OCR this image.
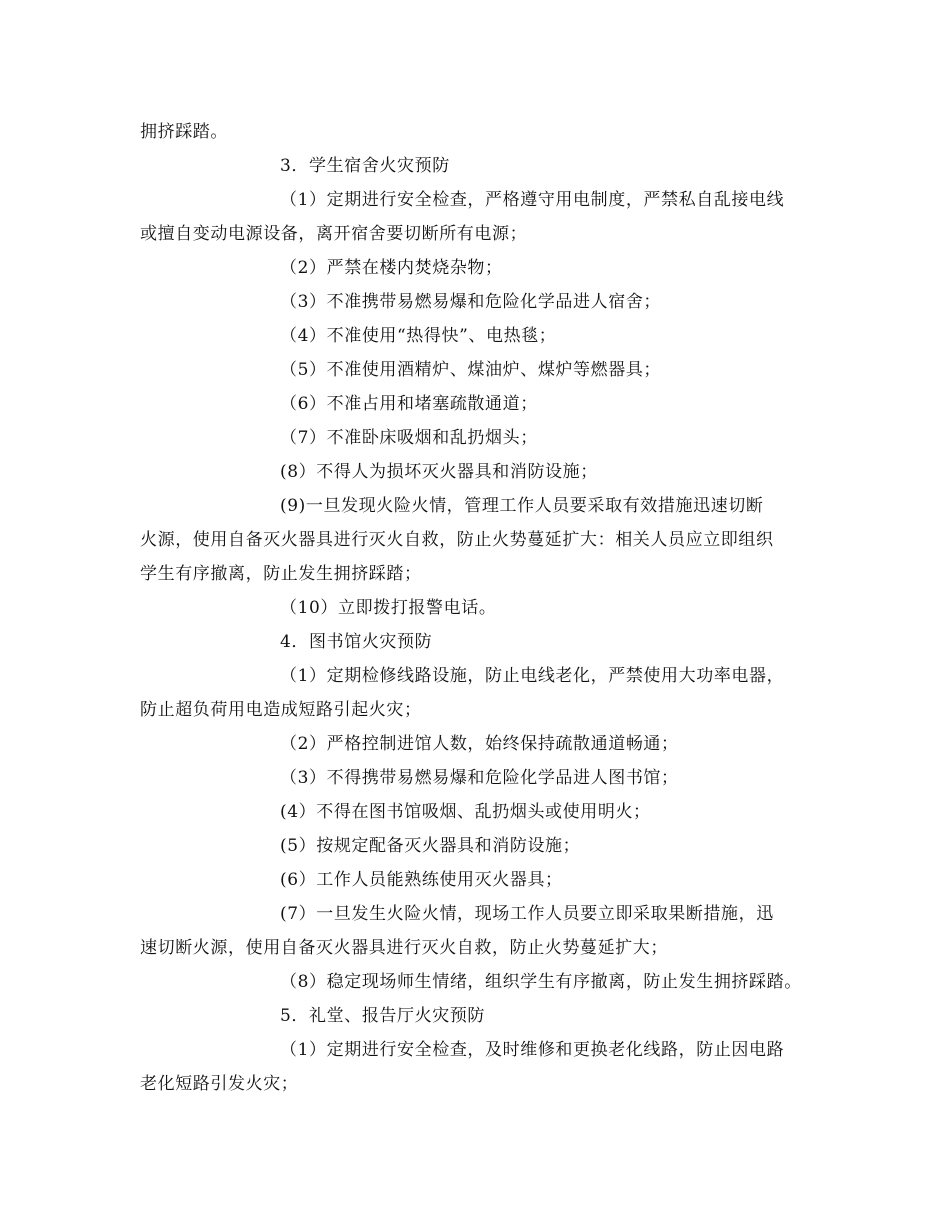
拥挤踩踏。
3．学生宿舍火灾预防
（1）定期进行安全检查，严格遵守用电制度，严禁私自乱接电线
或擅自变动电源设备，离开宿舍要切断所有电源；
（2）严禁在楼内焚烧杂物；
（3）不准携带易燃易爆和危险化学品进人宿舍；
（4）不准使用“热得快”、电热毯；
（5）不准使用酒精炉、煤油炉、煤炉等燃器具；
（6）不准占用和堵塞疏散通道；
（7）不准卧床吸烟和乱扔烟头；
(8）不得人为损坏灭火器具和消防设施；
(9)一旦发现火险火情，管理工作人员要采取有效措施迅速切断
火源，使用自备灭火器具进行灭火自救，防止火势蔓延扩大：相关人员应立即组织
学生有序撤离，防止发生拥挤踩踏；
（10）立即拨打报警电话。
4．图书馆火灾预防
（1）定期检修线路设施，防止电线老化，严禁使用大功率电器，
防止超负荷用电造成短路引起火灾；
（2）严格控制进馆人数，始终保持疏散通道畅通；
（3）不得携带易燃易爆和危险化学品进人图书馆；
(4）不得在图书馆吸烟、乱扔烟头或使用明火；
(5）按规定配备灭火器具和消防设施；
(6）工作人员能熟练使用灭火器具；
(7）一旦发生火险火情，现场工作人员要立即采取果断措施，迅
速切断火源，使用自备灭火器具进行灭火自救，防止火势蔓延扩大；
（8）稳定现场师生情绪，组织学生有序撤离，防止发生拥挤踩踏。
5．礼堂、报告厅火灾预防
（1）定期进行安全检查，及时维修和更换老化线路，防止因电路
老化短路引发火灾；
